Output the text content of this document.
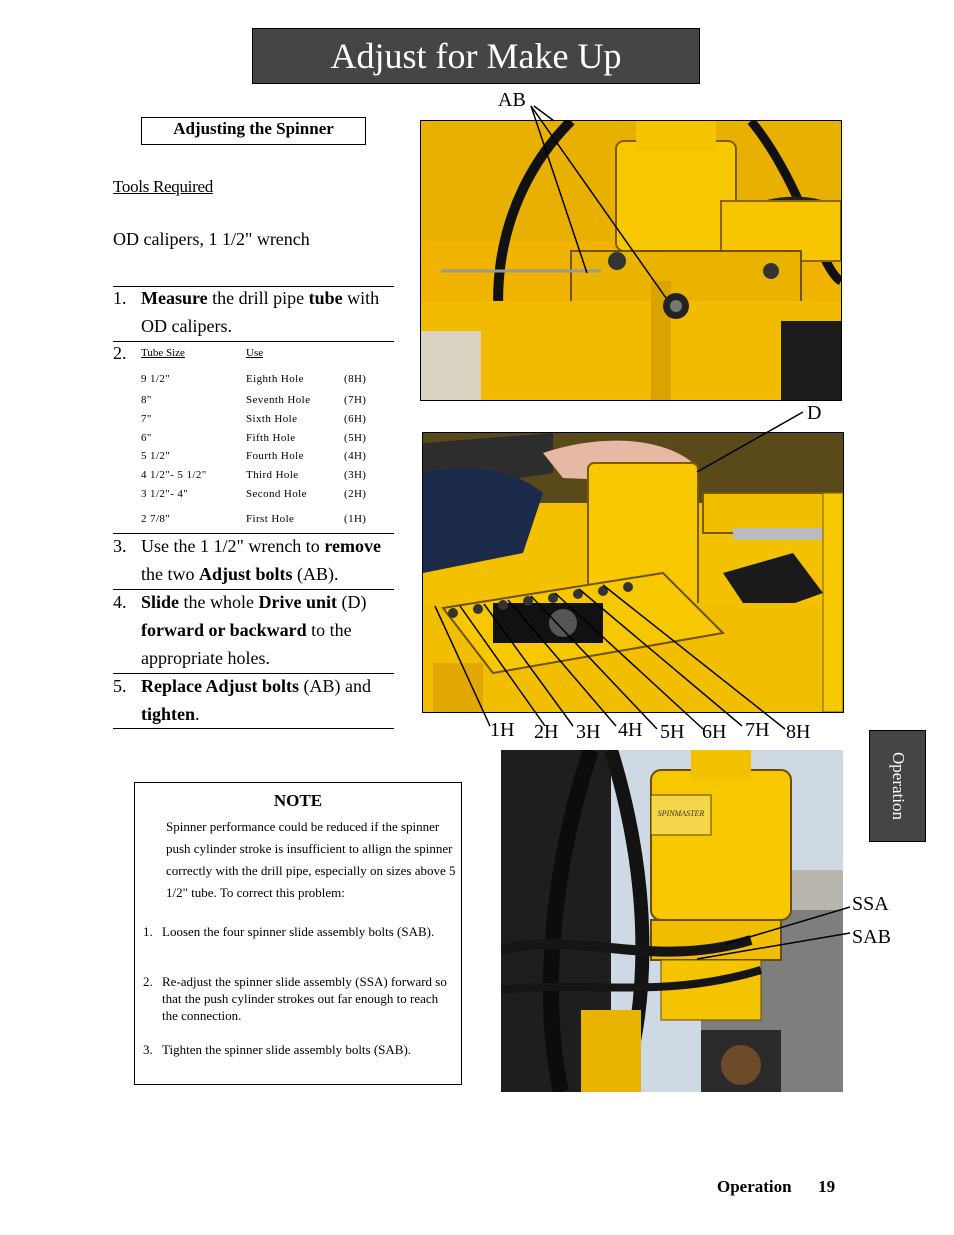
Adjust for Make Up
Adjusting the Spinner
Tools Required
OD calipers, 1 1/2" wrench
1. Measure the drill pipe tube with OD calipers.
2. Tube Size	Use
9 1/2"	Eighth Hole	(8H)
8"	Seventh Hole	(7H)
7"	Sixth Hole	(6H)
6"	Fifth Hole	(5H)
5 1/2"	Fourth Hole	(4H)
4 1/2"- 5 1/2"	Third Hole	(3H)
3 1/2"- 4"	Second Hole	(2H)
2 7/8"	First Hole	(1H)
3. Use the 1 1/2" wrench to remove the two Adjust bolts (AB).
4. Slide the whole Drive unit (D) forward or backward to the appropriate holes.
5. Replace Adjust bolts (AB) and tighten.
NOTE
Spinner performance could be reduced if the spinner push cylinder stroke is insufficient to allign the spinner correctly with the drill pipe, especially on sizes above 5 1/2" tube. To correct this problem:
1. Loosen the four spinner slide assembly bolts (SAB).
2. Re-adjust the spinner slide assembly (SSA) forward so that the push cylinder strokes out far enough to reach the connection.
3. Tighten the spinner slide assembly bolts (SAB).
SPINMASTER
AB
D
1H 2H 3H 4H 5H 6H 7H 8H
SSA
SAB
Operation
Operation 19
